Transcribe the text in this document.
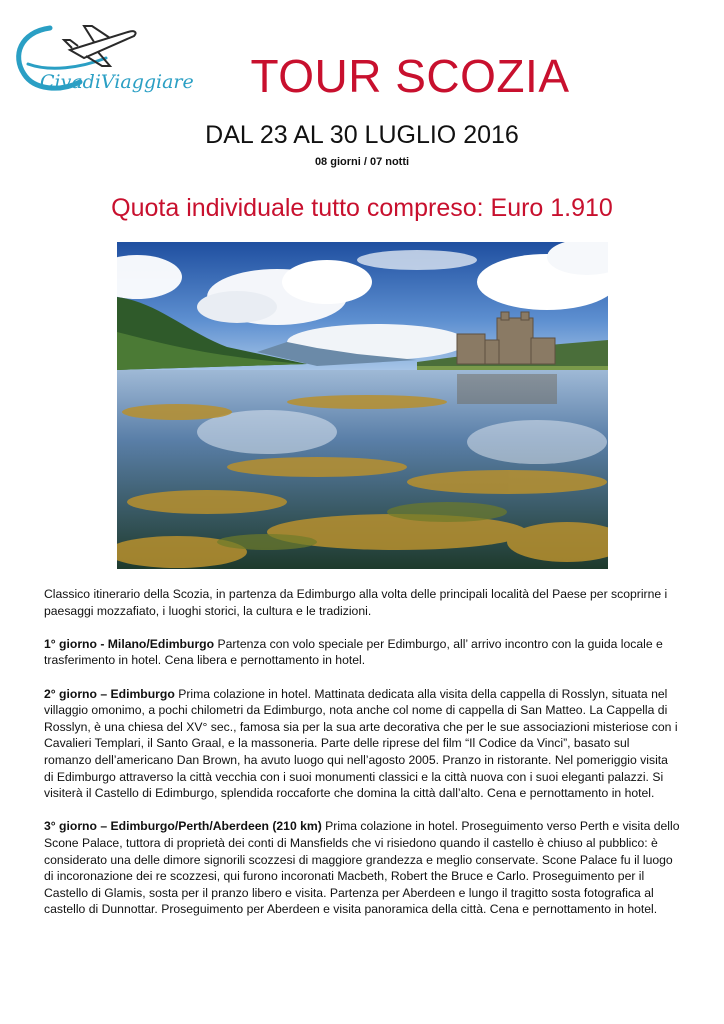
CivadiViaggiare	TOUR SCOZIA
DAL 23 AL 30 LUGLIO 2016
08 giorni / 07 notti
Quota individuale tutto compreso: Euro 1.910

Classico itinerario della Scozia, in partenza da Edimburgo alla volta delle principali località del Paese per scoprirne i paesaggi mozzafiato, i luoghi storici, la cultura e le tradizioni.

1° giorno - Milano/Edimburgo Partenza con volo speciale per Edimburgo, all’ arrivo incontro con la guida locale e trasferimento in hotel. Cena libera e pernottamento in hotel.

2° giorno – Edimburgo Prima colazione in hotel. Mattinata dedicata alla visita della cappella di Rosslyn, situata nel villaggio omonimo, a pochi chilometri da Edimburgo, nota anche col nome di cappella di San Matteo. La Cappella di Rosslyn, è una chiesa del XV° sec., famosa sia per la sua arte decorativa che per le sue associazioni misteriose con i Cavalieri Templari, il Santo Graal, e la massoneria. Parte delle riprese del film “Il Codice da Vinci”, basato sul romanzo dell’americano Dan Brown, ha avuto luogo qui nell’agosto 2005. Pranzo in ristorante. Nel pomeriggio visita di Edimburgo attraverso la città vecchia con i suoi monumenti classici e la città nuova con i suoi eleganti palazzi. Si visiterà il Castello di Edimburgo, splendida roccaforte che domina la città dall’alto. Cena e pernottamento in hotel.

3° giorno – Edimburgo/Perth/Aberdeen (210 km) Prima colazione in hotel. Proseguimento verso Perth e visita dello Scone Palace, tuttora di proprietà dei conti di Mansfields che vi risiedono quando il castello è chiuso al pubblico: è considerato una delle dimore signorili scozzesi di maggiore grandezza e meglio conservate. Scone Palace fu il luogo di incoronazione dei re scozzesi, qui furono incoronati Macbeth, Robert the Bruce e Carlo. Proseguimento per il Castello di Glamis, sosta per il pranzo libero e visita. Partenza per Aberdeen e lungo il tragitto sosta fotografica al castello di Dunnottar. Proseguimento per Aberdeen e visita panoramica della città. Cena e pernottamento in hotel.
